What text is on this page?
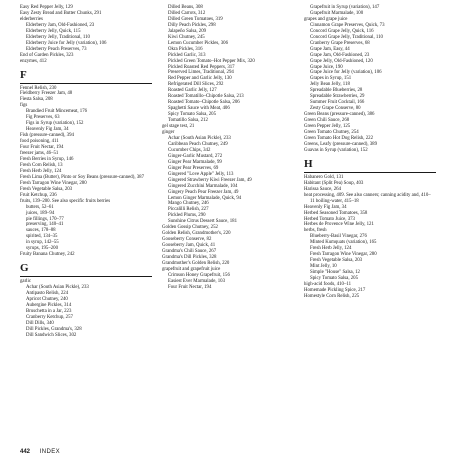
Easy Red Pepper Jelly, 129
Easy Zesty Bread and Butter Chunks, 291
elderberries
Elderberry Jam, Old-Fashioned, 23
Elderberry Jelly, Quick, 115
Elderberry Jelly, Traditional, 110
Elderberry Juice for Jelly (variation), 106
Elderberry Peach Preserves, 73
End of Garden Pickles, 323
enzymes, 412
F
Fennel Relish, 230
Fieldberry Freezer Jam, 48
Fiesta Salsa, 208
figs
Brandied Fruit Mincemeat, 176
Fig Preserves, 63
Figs in Syrup (variation), 152
Heavenly Fig Jam, 34
Fish (pressure-canned), 394
food poisoning, 411
Four Fruit Nectar, 194
freezer jams, 46–51
Fresh Berries in Syrup, 146
Fresh Corn Relish, 13
Fresh Herb Jelly, 124
Fresh Lima (Butter), Pinto or Soy Beans (pressure-canned), 387
Fresh Tarragon Wine Vinegar, 280
Fresh Vegetable Salsa, 203
Fruit Ketchup, 236
fruits, 139–200. See also specific fruits berries
butters, 52–61
juices, 189–94
pie fillings, 170–77
preserving, 140–41
sauces, 178–88
spirited, 134–35
in syrup, 142–55
syrups, 195–200
Fruity Banana Chutney, 242
G
garlic
Achar (South Asian Pickle), 233
Antipasto Relish, 224
Apricot Chutney, 240
Aubergine Pickles, 314
Bruschetta in a Jar, 223
Cranberry Ketchup, 257
Dill Dills, 340
Dill Pickles, Grandma's, 328
Dill Sandwich Slices, 302
Dilled Beans, 308
Dilled Carrots, 312
Dilled Green Tomatoes, 319
Dilly Peach Pickles, 298
Jalapeño Salsa, 209
Kiwi Chutney, 245
Lemon Cucumber Pickles, 306
Okra Pickles, 316
Pickled Garlic, 313
Pickled Green Tomato–Hot Pepper Mix, 320
Pickled Roasted Red Peppers, 317
Preserved Limes, Traditional, 294
Red Pepper and Garlic Jelly, 130
Refrigerated Dill Slices, 292
Roasted Garlic Jelly, 127
Roasted Tomatillo–Chipotle Salsa, 213
Roasted Tomato–Chipotle Salsa, 206
Spaghetti Sauce with Meat, 406
Spicy Tomato Salsa, 205
Tomatillo Salsa, 212
gel stage test, 21
ginger
Achar (South Asian Pickle), 233
Caribbean Peach Chutney, 249
Cucumber Chips, 342
Ginger-Garlic Mustard, 272
Ginger Pear Marmalade, 99
Ginger Pear Preserves, 69
Gingered "Love Apple" Jelly, 113
Gingered Strawberry Kiwi Freezer Jam, 49
Gingered Zucchini Marmalade, 104
Gingery Peach Pear Freezer Jam, 49
Lemon Ginger Marmalade, Quick, 94
Mango Chutney, 246
Piccalilli Relish, 227
Pickled Plums, 290
Sunshine Citrus Dessert Sauce, 181
Golden Gossip Chutney, 252
Golden Relish, Grandmother's, 220
Gooseberry Conserve, 82
Gooseberry Jam, Quick, 41
Grandma's Chili Sauce, 267
Grandma's Dill Pickles, 328
Grandmother's Golden Relish, 220
grapefruit and grapefruit juice
Crimson Honey Grapefruit, 156
Easiest Ever Marmalade, 103
Four Fruit Nectar, 194
Grapefruit in Syrup (variation), 147
Grapefruit Marmalade, 100
grapes and grape juice
Cinnamon Grape Preserves, Quick, 73
Concord Grape Jelly, Quick, 116
Concord Grape Jelly, Traditional, 110
Cranberry Grape Preserves, 68
Grape Jam, Easy, 44
Grape Jam, Old-Fashioned, 23
Grape Jelly, Old-Fashioned, 120
Grape Juice, 190
Grape Juice for Jelly (variation), 106
Grapes in Syrup, 151
Jelly Bean Jelly, 118
Spreadable Blueberries, 28
Spreadable Strawberries, 29
Summer Fruit Cocktail, 166
Zesty Grape Conserve, 80
Green Beans (pressure-canned), 386
Green Chili Sauce, 268
Green Pepper Jelly, 125
Green Tomato Chutney, 254
Green Tomato Hot Dog Relish, 222
Greens, Leafy (pressure-canned), 389
Guavas in Syrup (variation), 152
H
Habanero Gold, 131
Habitant (Split Pea) Soup, 403
Harissa Sauce, 264
heat processing, 409. See also canners; canning acidity and, 410–11 boiling-water, 415–18
Heavenly Fig Jam, 34
Herbed Seasoned Tomatoes, 358
Herbed Tomato Juice, 373
Herbes de Provence Wine Jelly, 121
herbs, fresh
Blueberry-Basil Vinegar, 276
Minted Kumquats (variation), 165
Fresh Herb Jelly, 124
Fresh Tarragon Wine Vinegar, 280
Fresh Vegetable Salsa, 203
Mint Jelly, 10
Simple "House" Salsa, 12
Spicy Tomato Salsa, 205
high-acid foods, 410–11
Homemade Pickling Spice, 217
Homestyle Corn Relish, 225
442 INDEX
